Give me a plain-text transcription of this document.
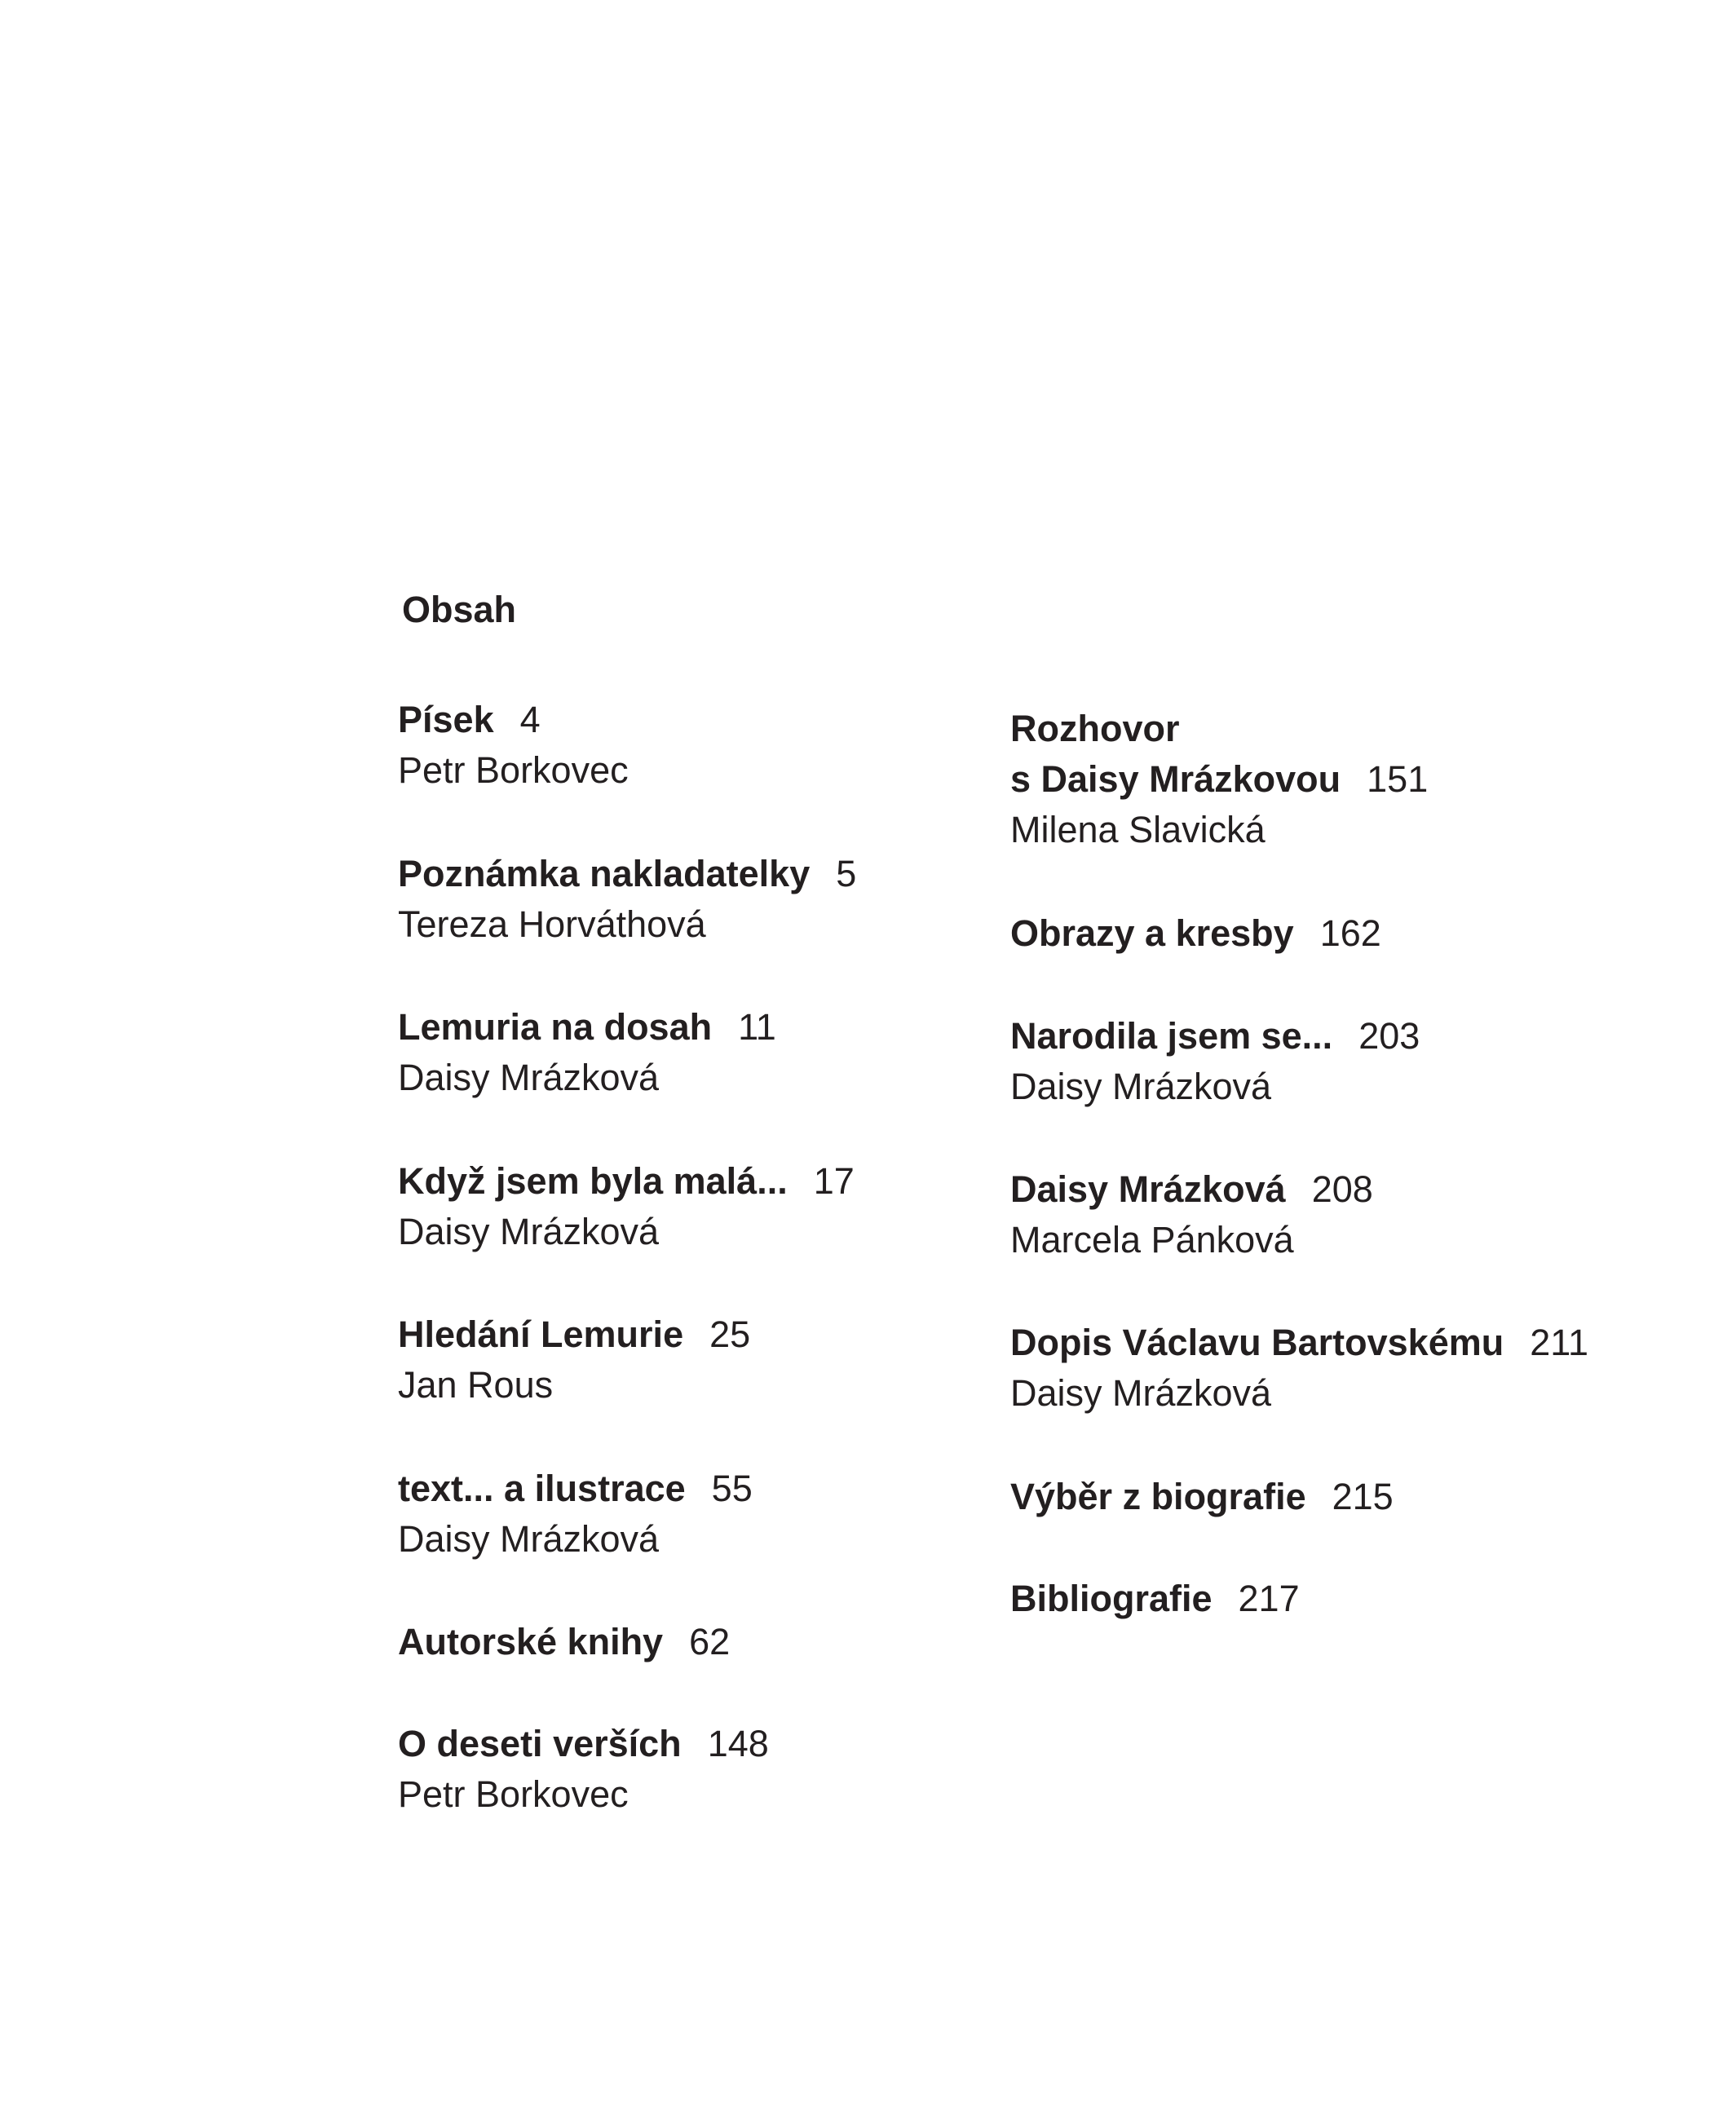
Obsah
Písek 4
Petr Borkovec
Poznámka nakladatelky 5
Tereza Horváthová
Lemuria na dosah 11
Daisy Mrázková
Když jsem byla malá... 17
Daisy Mrázková
Hledání Lemurie 25
Jan Rous
text... a ilustrace 55
Daisy Mrázková
Autorské knihy 62
O deseti verších 148
Petr Borkovec
Rozhovor
s Daisy Mrázkovou 151
Milena Slavická
Obrazy a kresby 162
Narodila jsem se... 203
Daisy Mrázková
Daisy Mrázková 208
Marcela Pánková
Dopis Václavu Bartovskému 211
Daisy Mrázková
Výběr z biografie 215
Bibliografie 217
